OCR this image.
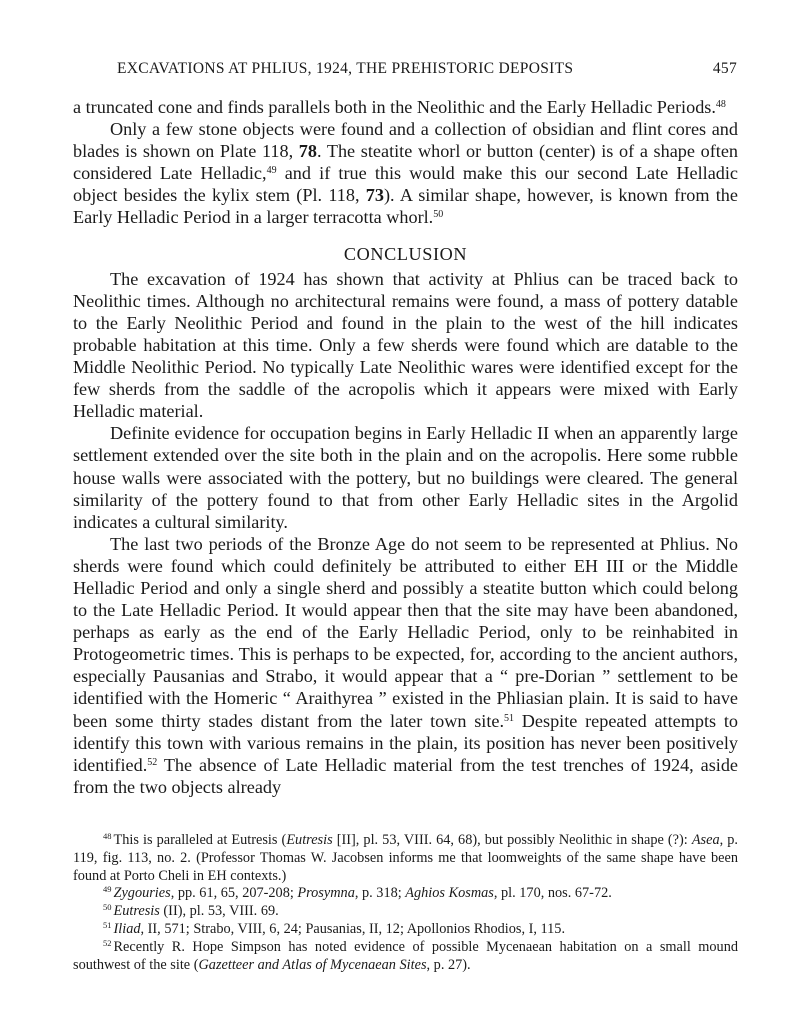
EXCAVATIONS AT PHLIUS, 1924, THE PREHISTORIC DEPOSITS	457

a truncated cone and finds parallels both in the Neolithic and the Early Helladic Periods.$^{48}$

Only a few stone objects were found and a collection of obsidian and flint cores and blades is shown on Plate 118, 78. The steatite whorl or button (center) is of a shape often considered Late Helladic,$^{49}$ and if true this would make this our second Late Helladic object besides the kylix stem (Pl. 118, 73). A similar shape, however, is known from the Early Helladic Period in a larger terracotta whorl.$^{50}$

CONCLUSION

The excavation of 1924 has shown that activity at Phlius can be traced back to Neolithic times. Although no architectural remains were found, a mass of pottery datable to the Early Neolithic Period and found in the plain to the west of the hill indicates probable habitation at this time. Only a few sherds were found which are datable to the Middle Neolithic Period. No typically Late Neolithic wares were identified except for the few sherds from the saddle of the acropolis which it appears were mixed with Early Helladic material.

Definite evidence for occupation begins in Early Helladic II when an apparently large settlement extended over the site both in the plain and on the acropolis. Here some rubble house walls were associated with the pottery, but no buildings were cleared. The general similarity of the pottery found to that from other Early Helladic sites in the Argolid indicates a cultural similarity.

The last two periods of the Bronze Age do not seem to be represented at Phlius. No sherds were found which could definitely be attributed to either EH III or the Middle Helladic Period and only a single sherd and possibly a steatite button which could belong to the Late Helladic Period. It would appear then that the site may have been abandoned, perhaps as early as the end of the Early Helladic Period, only to be reinhabited in Protogeometric times. This is perhaps to be expected, for, according to the ancient authors, especially Pausanias and Strabo, it would appear that a “ pre-Dorian ” settlement to be identified with the Homeric “ Araithyrea ” existed in the Phliasian plain. It is said to have been some thirty stades distant from the later town site.$^{51}$ Despite repeated attempts to identify this town with various remains in the plain, its position has never been positively identified.$^{52}$ The absence of Late Helladic material from the test trenches of 1924, aside from the two objects already

$^{48}$ This is paralleled at Eutresis (Eutresis [II], pl. 53, VIII. 64, 68), but possibly Neolithic in shape (?): Asea, p. 119, fig. 113, no. 2. (Professor Thomas W. Jacobsen informs me that loomweights of the same shape have been found at Porto Cheli in EH contexts.)

$^{49}$ Zygouries, pp. 61, 65, 207-208; Prosymna, p. 318; Aghios Kosmas, pl. 170, nos. 67-72.

$^{50}$ Eutresis (II), pl. 53, VIII. 69.

$^{51}$ Iliad, II, 571; Strabo, VIII, 6, 24; Pausanias, II, 12; Apollonios Rhodios, I, 115.

$^{52}$ Recently R. Hope Simpson has noted evidence of possible Mycenaean habitation on a small mound southwest of the site (Gazetteer and Atlas of Mycenaean Sites, p. 27).
